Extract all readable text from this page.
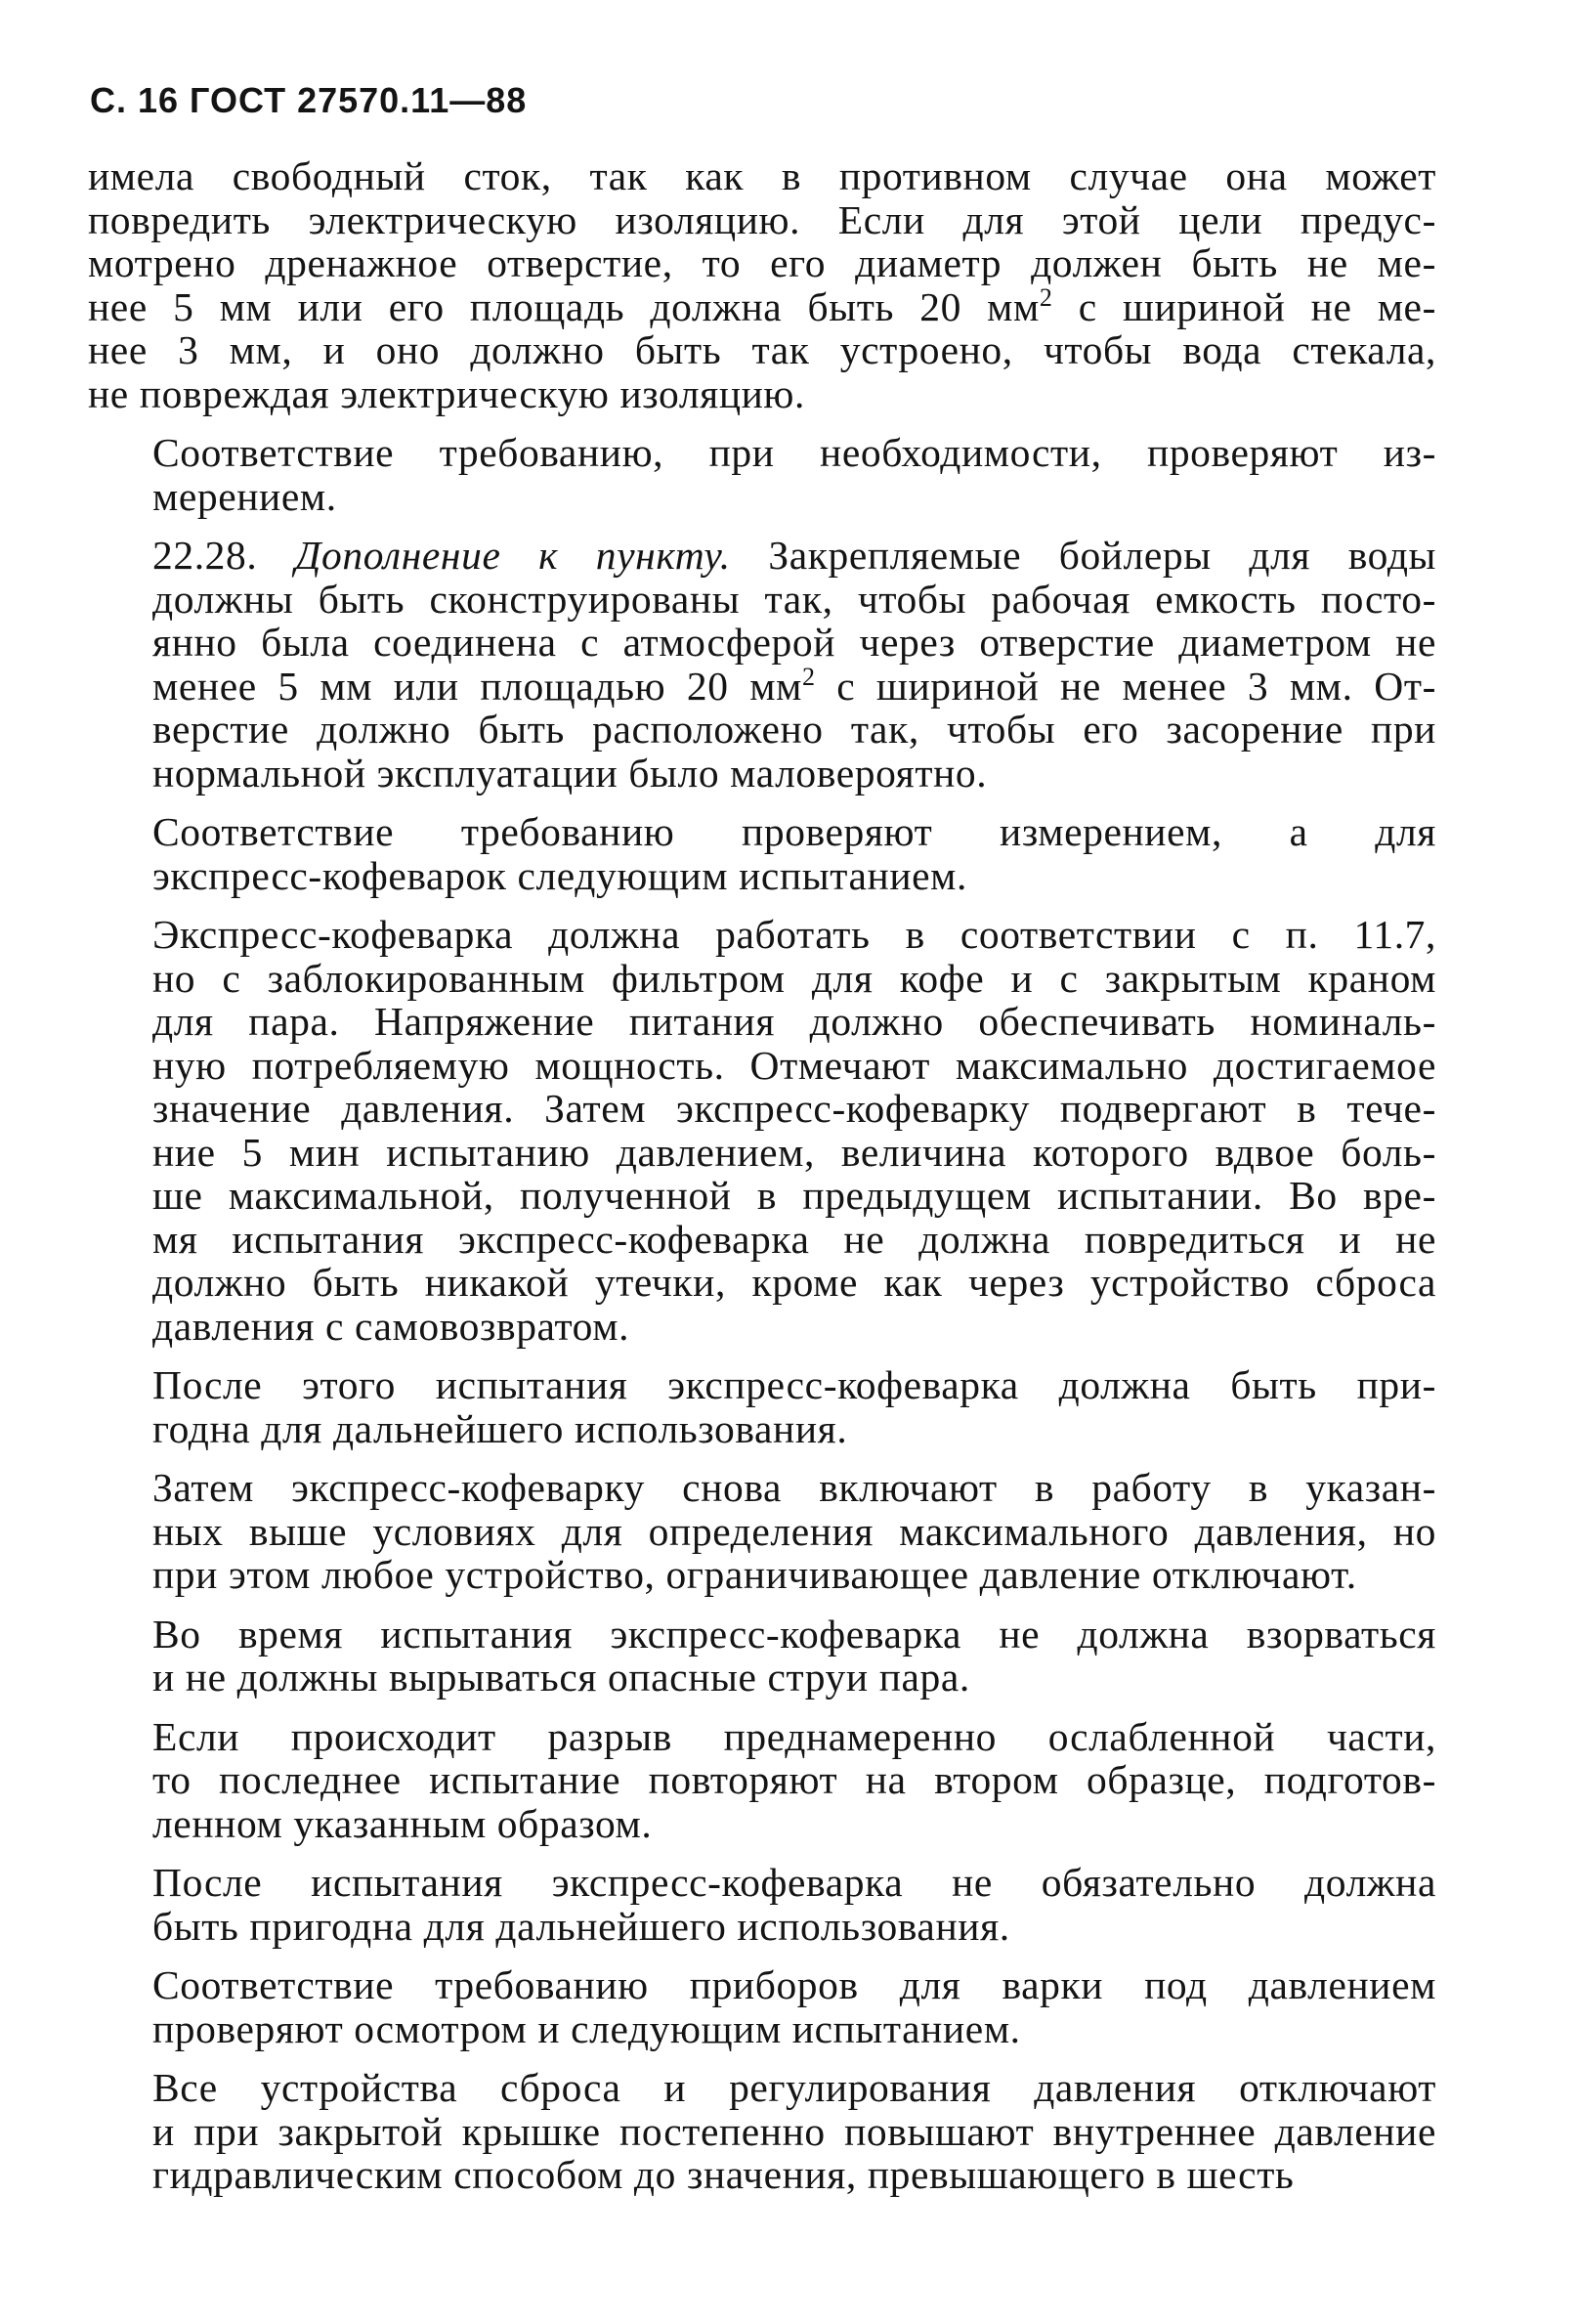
С. 16 ГОСТ 27570.11—88
имела свободный сток, так как в противном случае она может
повредить электрическую изоляцию. Если для этой цели предус-
мотрено дренажное отверстие, то его диаметр должен быть не ме-
нее 5 мм или его площадь должна быть 20 $мм^2$ с шириной не ме-
нее 3 мм, и оно должно быть так устроено, чтобы вода стекала,
не повреждая электрическую изоляцию.
Соответствие требованию, при необходимости, проверяют из-
мерением.
22.28. Дополнение к пункту. Закрепляемые бойлеры для воды
должны быть сконструированы так, чтобы рабочая емкость посто-
янно была соединена с атмосферой через отверстие диаметром не
менее 5 мм или площадью 20 $мм^2$ с шириной не менее 3 мм. От-
верстие должно быть расположено так, чтобы его засорение при
нормальной эксплуатации было маловероятно.
Соответствие требованию проверяют измерением, а для
экспресс-кофеварок следующим испытанием.
Экспресс-кофеварка должна работать в соответствии с п. 11.7,
но с заблокированным фильтром для кофе и с закрытым краном
для пара. Напряжение питания должно обеспечивать номиналь-
ную потребляемую мощность. Отмечают максимально достигаемое
значение давления. Затем экспресс-кофеварку подвергают в тече-
ние 5 мин испытанию давлением, величина которого вдвое боль-
ше максимальной, полученной в предыдущем испытании. Во вре-
мя испытания экспресс-кофеварка не должна повредиться и не
должно быть никакой утечки, кроме как через устройство сброса
давления с самовозвратом.
После этого испытания экспресс-кофеварка должна быть при-
годна для дальнейшего использования.
Затем экспресс-кофеварку снова включают в работу в указан-
ных выше условиях для определения максимального давления, но
при этом любое устройство, ограничивающее давление отключают.
Во время испытания экспресс-кофеварка не должна взорваться
и не должны вырываться опасные струи пара.
Если происходит разрыв преднамеренно ослабленной части,
то последнее испытание повторяют на втором образце, подготов-
ленном указанным образом.
После испытания экспресс-кофеварка не обязательно должна
быть пригодна для дальнейшего использования.
Соответствие требованию приборов для варки под давлением
проверяют осмотром и следующим испытанием.
Все устройства сброса и регулирования давления отключают
и при закрытой крышке постепенно повышают внутреннее давление
гидравлическим способом до значения, превышающего в шесть
